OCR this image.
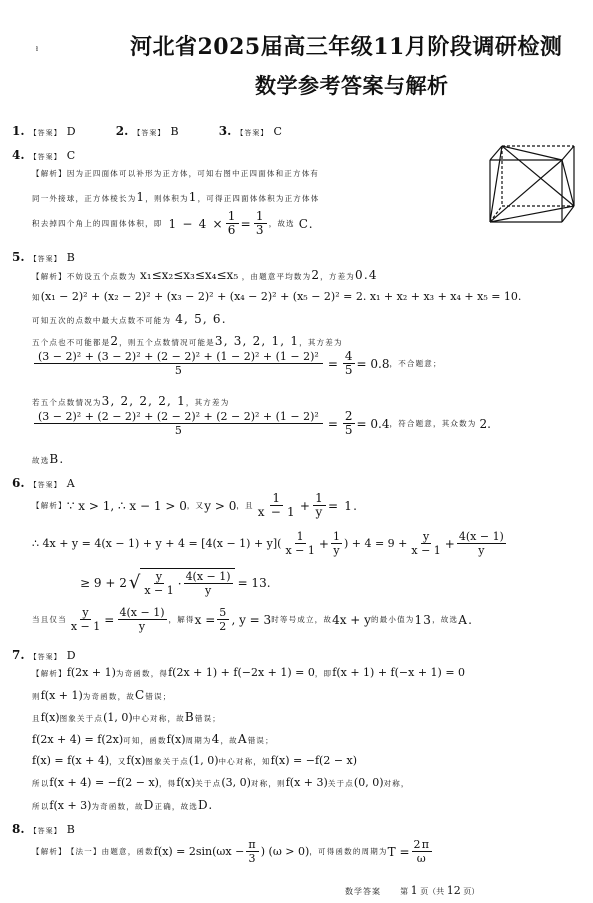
河北省2025届高三年级11月阶段调研检测
数学参考答案与解析
ł
1. 【答案】 D	2. 【答案】 B	3. 【答案】 C
4. 【答案】 C
【解析】因为正四面体可以补形为正方体，可知右图中正四面体和正方体有
同一外接球，正方体棱长为1，则体积为1，可得正四面体体积为正方体体
积去掉四个角上的四面体体积，即 $1 - 4 \times \frac{1}{6} = \frac{1}{3}$ ，故选 C.
5. 【答案】 B
【解析】不妨设五个点数为 x₁≤x₂≤x₃≤x₄≤x₅ ，由题意平均数为2，方差为0.4
知(x₁ − 2)² + (x₂ − 2)² + (x₃ − 2)² + (x₄ − 2)² + (x₅ − 2)² = 2. x₁ + x₂ + x₃ + x₄ + x₅ = 10.
可知五次的点数中最大点数不可能为 4, 5, 6.
五个点也不可能都是2，则五个点数情况可能是3, 3, 2, 1, 1，其方差为
$\frac{\text{(3 − 2)² + (3 − 2)² + (2 − 2)² + (1 − 2)² + (1 − 2)²}}{5} = \frac{4}{5} = 0.8$ ，不合题意；
若五个点数情况为3, 2, 2, 2, 1，其方差为
$\frac{\text{(3 − 2)² + (2 − 2)² + (2 − 2)² + (2 − 2)² + (1 − 2)²}}{5} = \frac{2}{5} = 0.4$ ，符合题意，其众数为 2.
故选B.
6. 【答案】 A
【解析】 ∵ x > 1, ∴ x − 1 > 0 ，又 y > 0 ，且 $\frac{1}{x - 1} + \frac{1}{y} = 1$.
∴ $4x + y = 4(x - 1) + y + 4 = [4(x - 1) + y]( \frac{1}{x - 1} + \frac{1}{y}$ ) + $4 = 9 + \frac{y}{x - 1} + \frac{4(x - 1)}{y}$
≥ 9 + 2 √ $\frac{y}{x - 1} \cdot \frac{4(x - 1)}{y} = 13$.
当且仅当 $\frac{y}{x - 1} = \frac{4(x - 1)}{y}$ ，解得 $x = \frac{5}{2}$ , y = 3 时等号成立，故 4x + y 的最小值为 13 ，故选 A.
7. 【答案】 D
【解析】f(2x + 1)为奇函数，得f(2x + 1) + f(−2x + 1) = 0，即f(x + 1) + f(−x + 1) = 0
则f(x + 1)为奇函数，故C错误；
且f(x)图象关于点(1, 0)中心对称，故B错误；
f(2x + 4) = f(2x)可知，函数f(x)周期为4，故A错误；
f(x) = f(x + 4)，又f(x)图象关于点(1, 0)中心对称，知f(x) = −f(2 − x)
所以f(x + 4) = −f(2 − x)，得f(x)关于点(3, 0)对称，则f(x + 3)关于点(0, 0)对称，
所以f(x + 3)为奇函数，故D正确，故选D.
8. 【答案】 B
【解析】 【法一】 由题意，函数 $f(x) = 2\sin(\omega x - \frac{\pi}{3}$ ) (ω > 0) ，可得函数的周期为 $T = \frac{2\pi}{\omega}$
数学答案 第 1 页（共 12 页）
